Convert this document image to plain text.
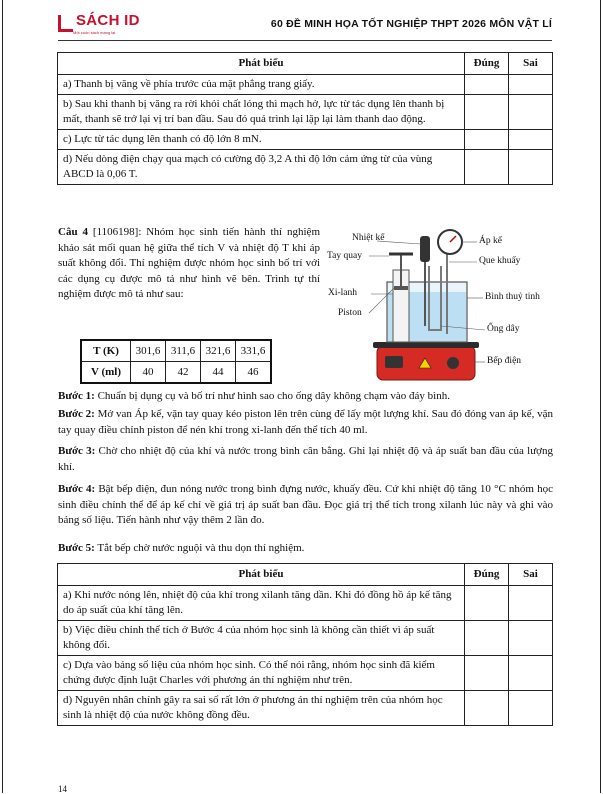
SÁCH ID
Một cuốn sách mang lại
60 ĐỀ MINH HỌA TỐT NGHIỆP THPT 2026 MÔN VẬT LÍ
Phát biểu	Đúng	Sai
a) Thanh bị văng về phía trước của mặt phẳng trang giấy.		
b) Sau khi thanh bị văng ra rời khỏi chất lỏng thì mạch hở, lực từ tác dụng lên thanh bị mất, thanh sẽ trở lại vị trí ban đầu. Sau đó quá trình lại lặp lại làm thanh dao động.		
c) Lực từ tác dụng lên thanh có độ lớn 8 mN.		
d) Nếu dòng điện chạy qua mạch có cường độ 3,2 A thì độ lớn cảm ứng từ của vùng ABCD là 0,06 T.		
Câu 4 [1106198]: Nhóm học sinh tiến hành thí nghiệm khảo sát mối quan hệ giữa thể tích V và nhiệt độ T khi áp suất không đổi. Thí nghiệm được nhóm học sinh bố trí với các dụng cụ được mô tả như hình vẽ bên. Trình tự thí nghiệm được mô tả như sau:
T (K)	301,6	311,6	321,6	331,6
V (ml)	40	42	44	46
Nhiệt kế
Tay quay
Xi-lanh
Piston
Áp kế
Que khuấy
Bình thuỷ tinh
Ống dây
Bếp điện
Bước 1: Chuẩn bị dụng cụ và bố trí như hình sao cho ống dây không chạm vào đáy bình.
Bước 2: Mở van Áp kế, vặn tay quay kéo piston lên trên cùng để lấy một lượng khí. Sau đó đóng van áp kế, vặn tay quay điều chỉnh piston để nén khí trong xi-lanh đến thể tích 40 ml.
Bước 3: Chờ cho nhiệt độ của khí và nước trong bình cân bằng. Ghi lại nhiệt độ và áp suất ban đầu của lượng khí.
Bước 4: Bật bếp điện, đun nóng nước trong bình đựng nước, khuấy đều. Cứ khi nhiệt độ tăng 10 °C nhóm học sinh điều chỉnh thể để áp kế chỉ về giá trị áp suất ban đầu. Đọc giá trị thể tích trong xilanh lúc này và ghi vào bảng số liệu. Tiến hành như vậy thêm 2 lần đo.
Bước 5: Tắt bếp chờ nước nguội và thu dọn thí nghiệm.
Phát biểu	Đúng	Sai
a) Khi nước nóng lên, nhiệt độ của khí trong xilanh tăng dần. Khi đó đồng hồ áp kế tăng do áp suất của khí tăng lên.		
b) Việc điều chỉnh thể tích ở Bước 4 của nhóm học sinh là không cần thiết vì áp suất không đổi.		
c) Dựa vào bảng số liệu của nhóm học sinh. Có thể nói rằng, nhóm học sinh đã kiểm chứng được định luật Charles với phương án thí nghiệm như trên.		
d) Nguyên nhân chính gây ra sai số rất lớn ở phương án thí nghiệm trên của nhóm học sinh là nhiệt độ của nước không đồng đều.		
14
